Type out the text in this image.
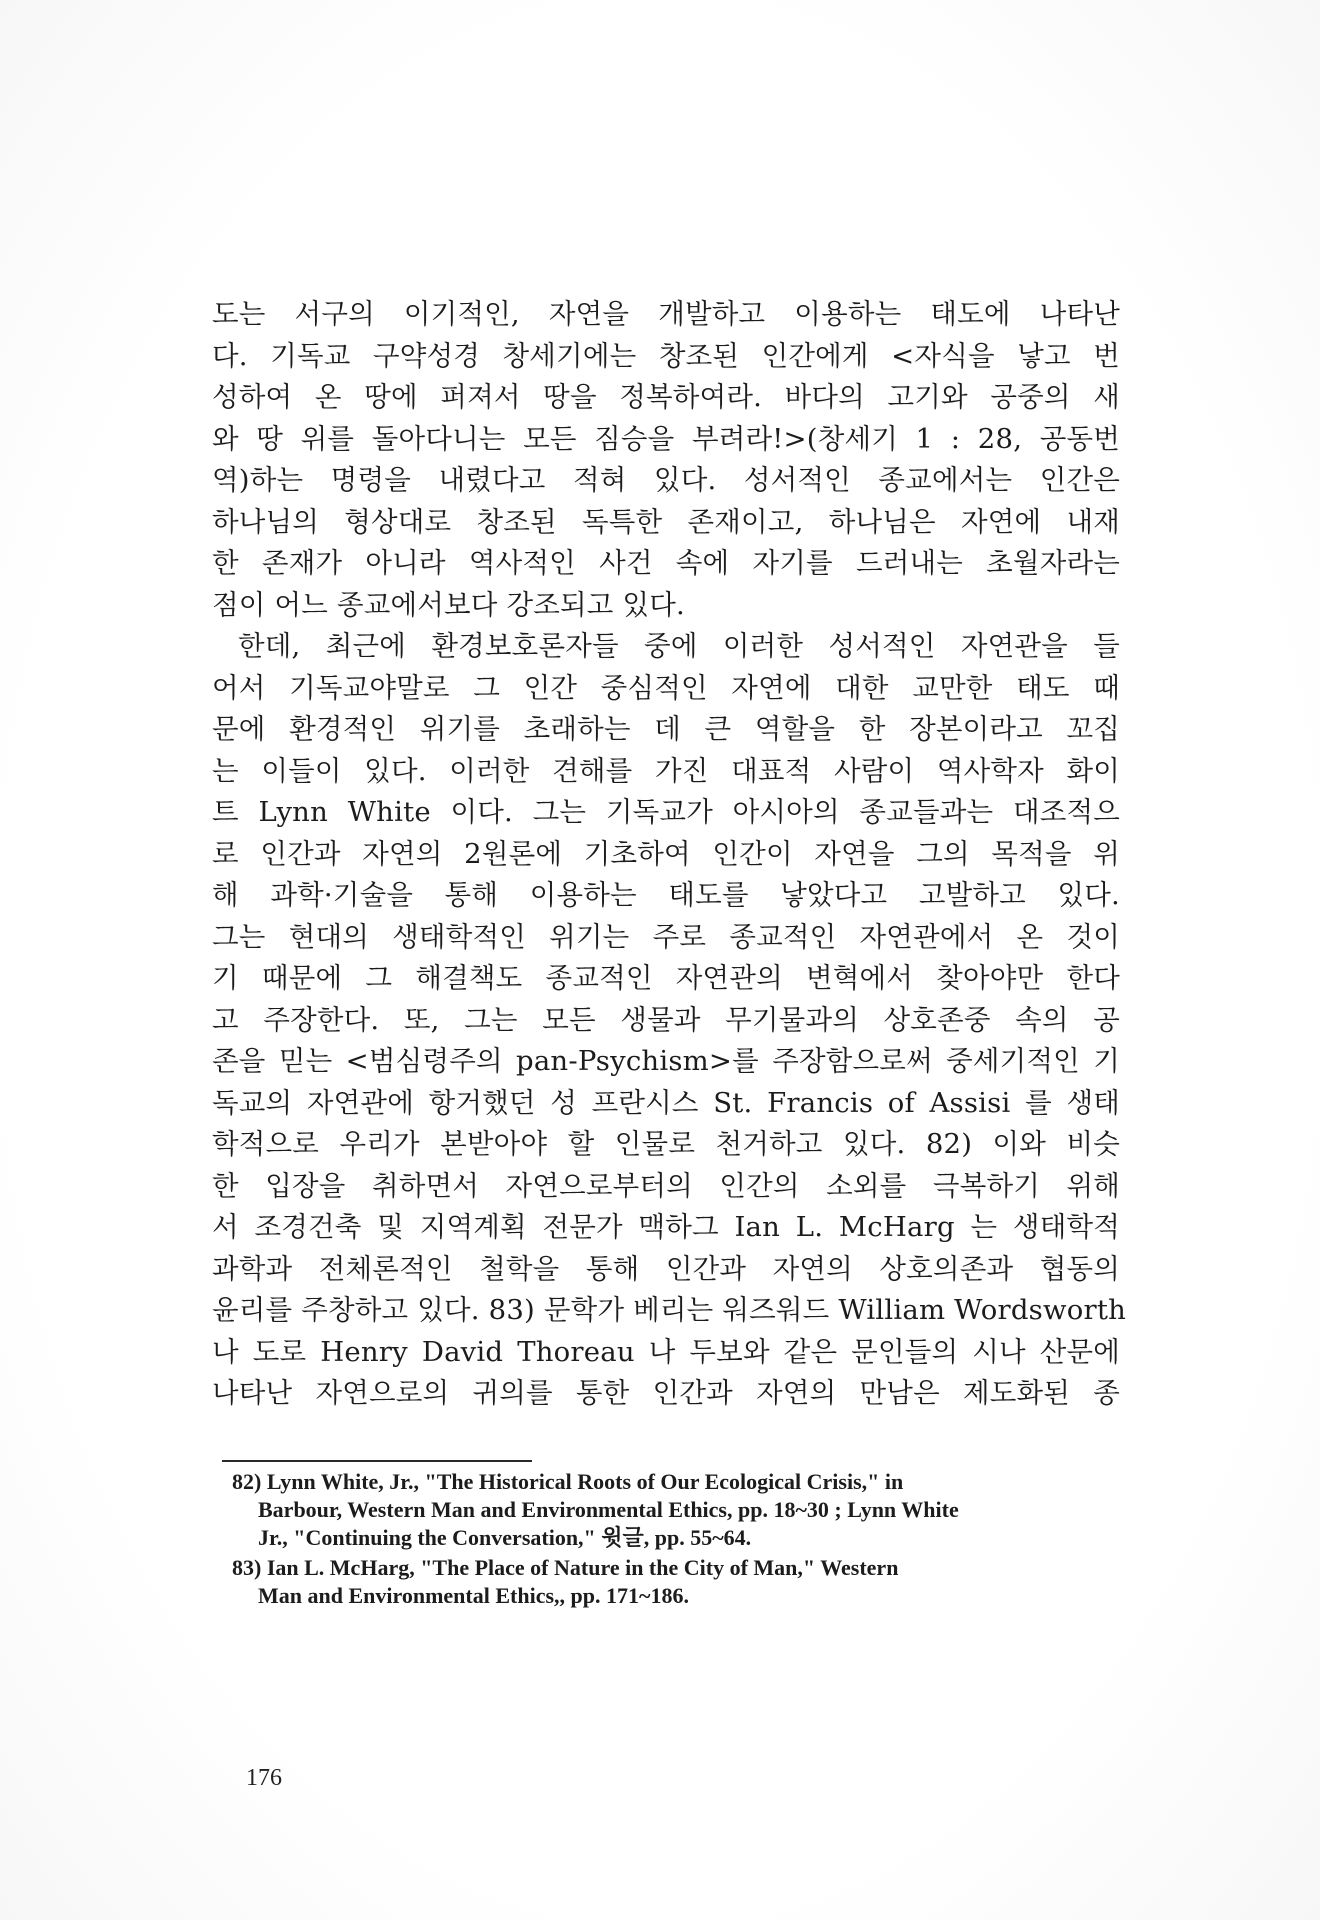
도는 서구의 이기적인, 자연을 개발하고 이용하는 태도에 나타난
다. 기독교 구약성경 창세기에는 창조된 인간에게 <자식을 낳고 번
성하여 온 땅에 퍼져서 땅을 정복하여라. 바다의 고기와 공중의 새
와 땅 위를 돌아다니는 모든 짐승을 부려라!>(창세기 1 : 28, 공동번
역)하는 명령을 내렸다고 적혀 있다. 성서적인 종교에서는 인간은
하나님의 형상대로 창조된 독특한 존재이고, 하나님은 자연에 내재
한 존재가 아니라 역사적인 사건 속에 자기를 드러내는 초월자라는
점이 어느 종교에서보다 강조되고 있다.
한데, 최근에 환경보호론자들 중에 이러한 성서적인 자연관을 들
어서 기독교야말로 그 인간 중심적인 자연에 대한 교만한 태도 때
문에 환경적인 위기를 초래하는 데 큰 역할을 한 장본이라고 꼬집
는 이들이 있다. 이러한 견해를 가진 대표적 사람이 역사학자 화이
트 Lynn White 이다. 그는 기독교가 아시아의 종교들과는 대조적으
로 인간과 자연의 2원론에 기초하여 인간이 자연을 그의 목적을 위
해 과학·기술을 통해 이용하는 태도를 낳았다고 고발하고 있다.
그는 현대의 생태학적인 위기는 주로 종교적인 자연관에서 온 것이
기 때문에 그 해결책도 종교적인 자연관의 변혁에서 찾아야만 한다
고 주장한다. 또, 그는 모든 생물과 무기물과의 상호존중 속의 공
존을 믿는 <범심령주의 pan-Psychism>를 주장함으로써 중세기적인 기
독교의 자연관에 항거했던 성 프란시스 St. Francis of Assisi 를 생태
학적으로 우리가 본받아야 할 인물로 천거하고 있다. 82) 이와 비슷
한 입장을 취하면서 자연으로부터의 인간의 소외를 극복하기 위해
서 조경건축 및 지역계획 전문가 맥하그 Ian L. McHarg 는 생태학적
과학과 전체론적인 철학을 통해 인간과 자연의 상호의존과 협동의
윤리를 주창하고 있다. 83) 문학가 베리는 워즈워드 William Wordsworth
나 도로 Henry David Thoreau 나 두보와 같은 문인들의 시나 산문에
나타난 자연으로의 귀의를 통한 인간과 자연의 만남은 제도화된 종
82) Lynn White, Jr., "The Historical Roots of Our Ecological Crisis," in
Barbour, Western Man and Environmental Ethics, pp. 18~30 ; Lynn White
Jr., "Continuing the Conversation," 윗글, pp. 55~64.
83) Ian L. McHarg, "The Place of Nature in the City of Man," Western
Man and Environmental Ethics,, pp. 171~186.
176
